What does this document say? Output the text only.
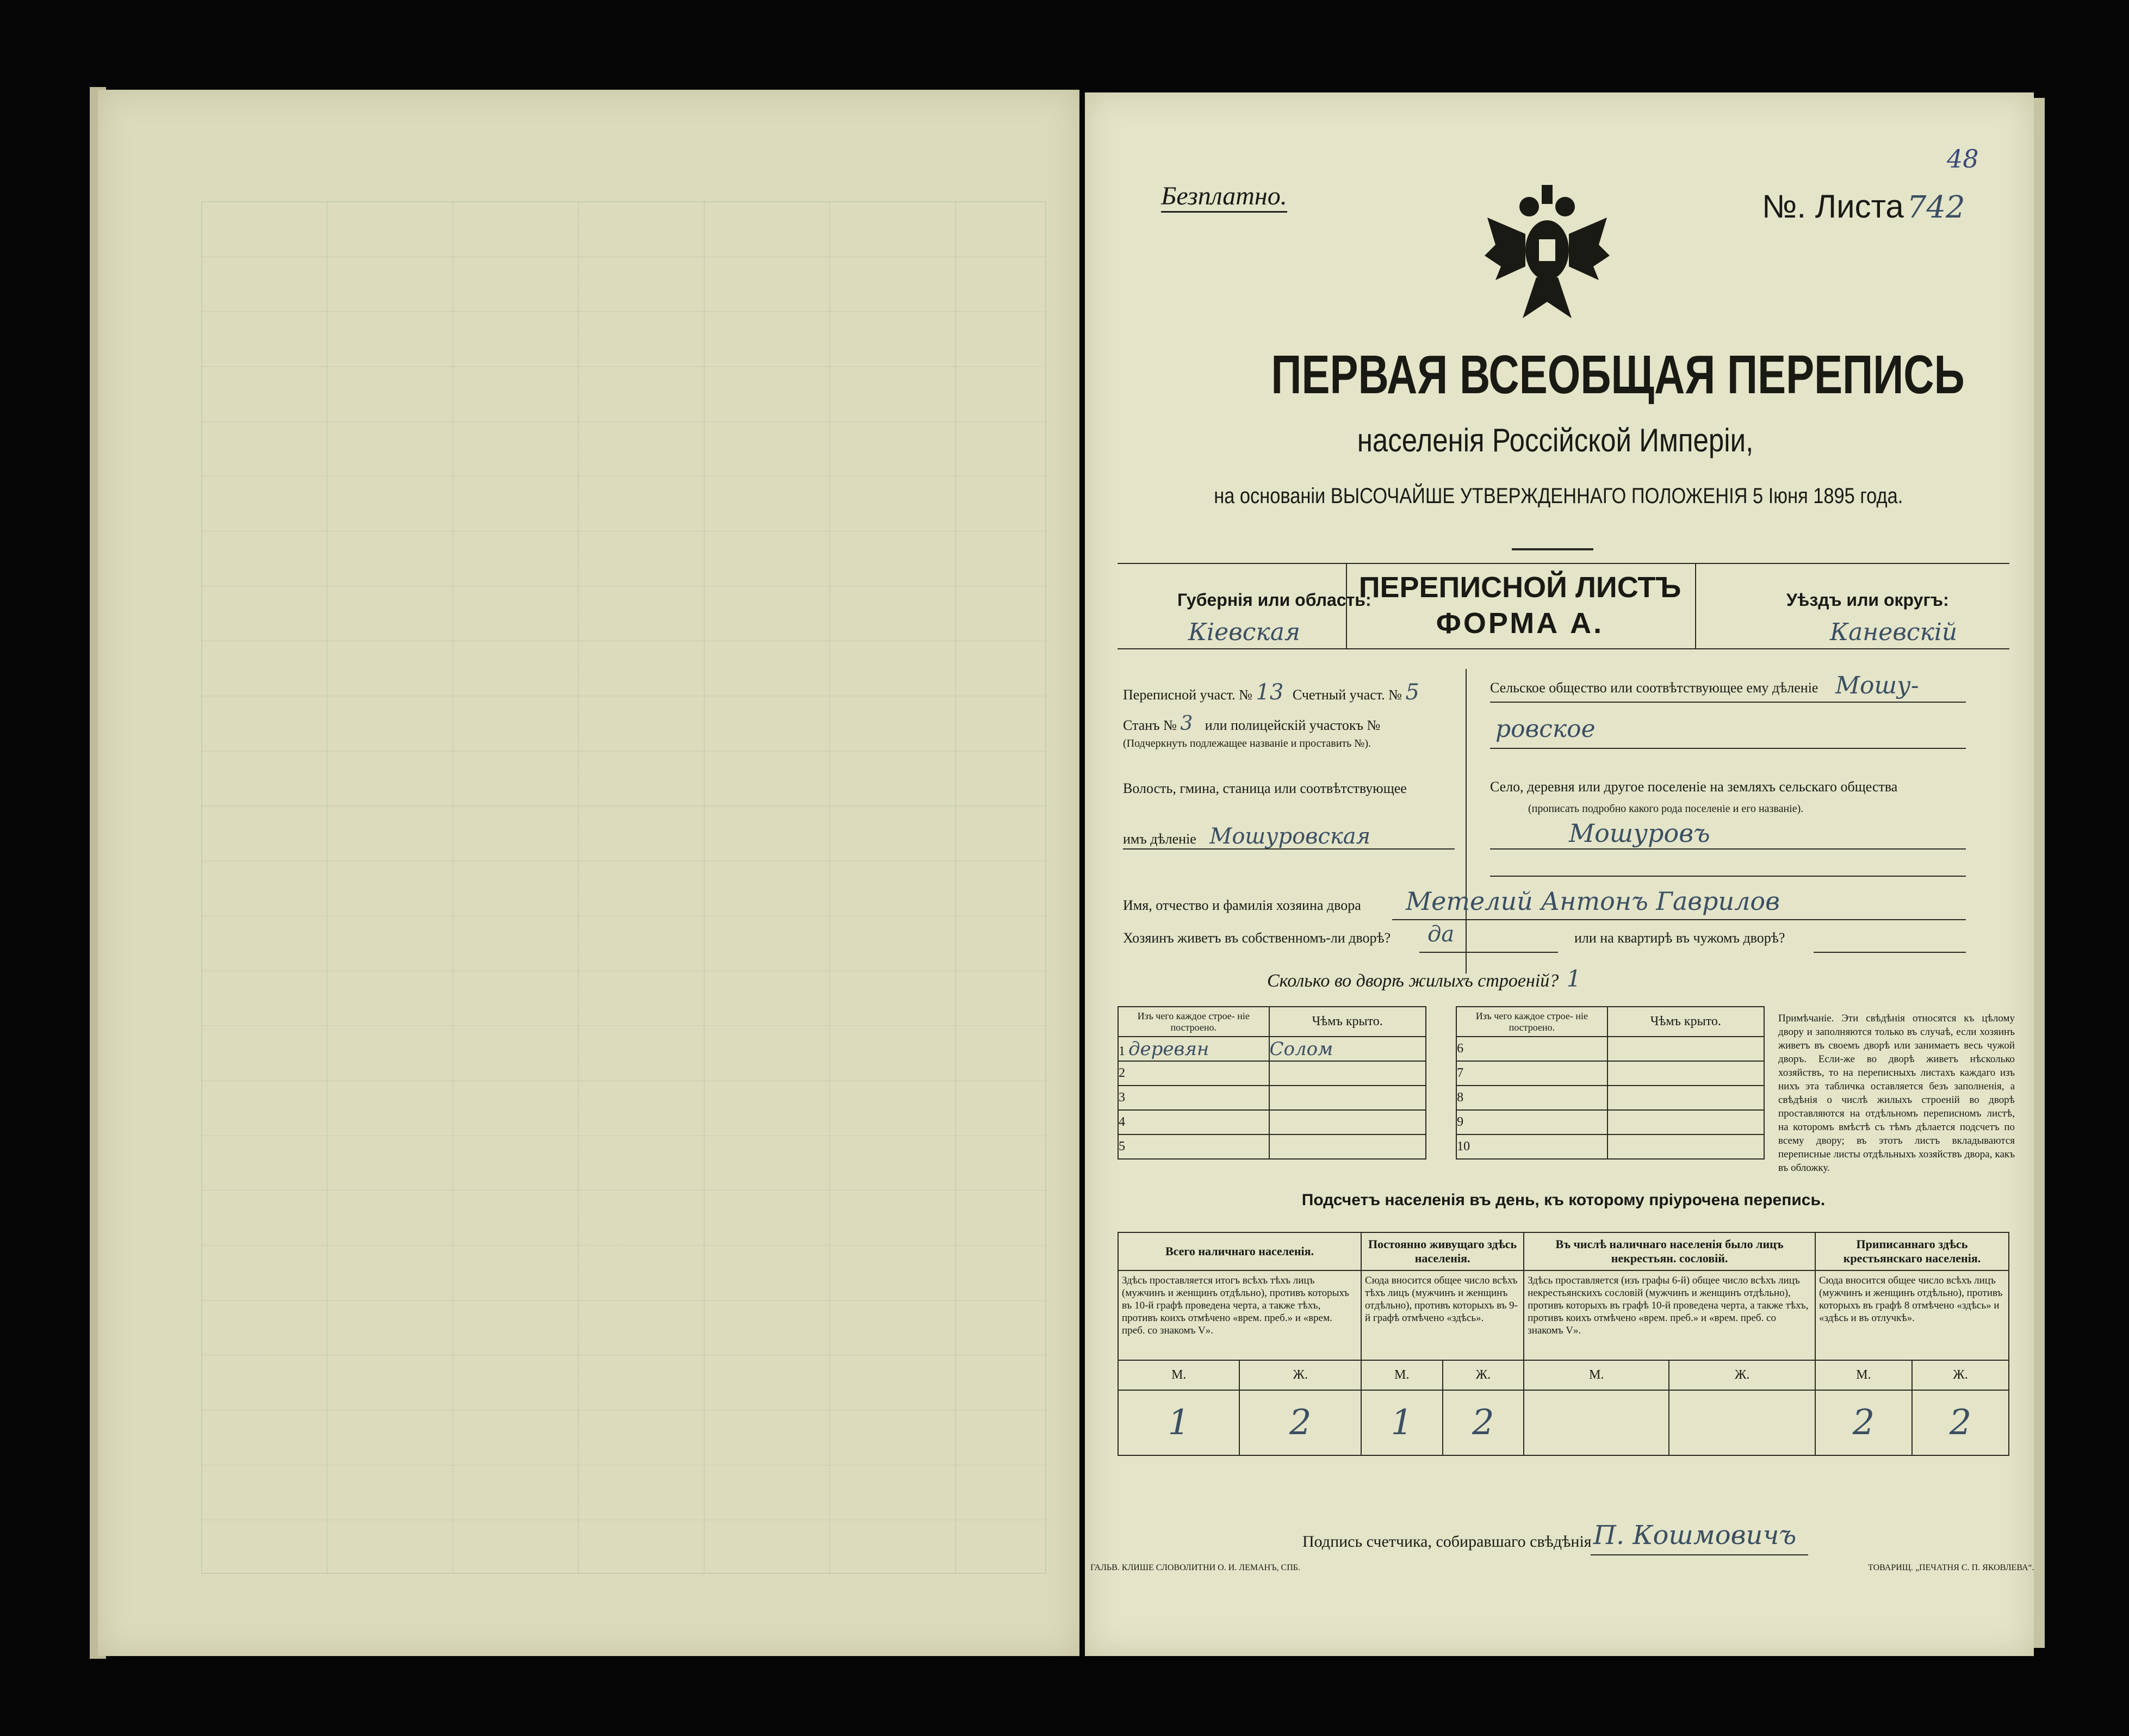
Безплатно.	№. Листа 742
48
ПЕРВАЯ ВСЕОБЩАЯ ПЕРЕПИСЬ
населенія Россійской Имперіи,
на основаніи ВЫСОЧАЙШЕ УТВЕРЖДЕННАГО ПОЛОЖЕНІЯ 5 Іюня 1895 года.
Губернія или область:
Кіевская
ПЕРЕПИСНОЙ ЛИСТЪ
ФОРМА А.
Уѣздъ или округъ:
Каневскій
Переписной участ. № 13 Счетный участ. № 5
Станъ № 3 или полицейскій участокъ №
(Подчеркнуть подлежащее названіе и проставить №).
Волость, гмина, станица или соотвѣтствующее
имъ дѣленіе Мошуровская
Сельское общество или соотвѣтствующее ему дѣленіе Мошу-
ровское
Село, деревня или другое поселеніе на земляхъ сельскаго общества
(прописать подробно какого рода поселеніе и его названіе).
Мошуровъ
Имя, отчество и фамилія хозяина двора Метелий Антонъ Гаврилов
Хозяинъ живетъ въ собственномъ-ли дворѣ? да	или на квартирѣ въ чужомъ дворѣ?
Сколько во дворѣ жилыхъ строеній? 1
Изъ чего каждое строе- ніе построено.	Чѣмъ крыто.		Изъ чего каждое строе- ніе построено.	Чѣмъ крыто.
1 деревян	Солом		6	
2			7	
3			8	
4			9	
5			10	
Примѣчаніе. Эти свѣдѣнія относятся къ цѣлому двору и заполняются только въ случаѣ, если хозяинъ живетъ въ своемъ дворѣ или занимаетъ весь чужой дворъ. Если-же во дворѣ живетъ нѣсколько хозяйствъ, то на переписныхъ листахъ каждаго изъ нихъ эта табличка оставляется безъ заполненія, а свѣдѣнія о числѣ жилыхъ строеній во дворѣ проставляются на отдѣльномъ переписномъ листѣ, на которомъ вмѣстѣ съ тѣмъ дѣлается подсчетъ по всему двору; въ этотъ листъ вкладываются переписные листы отдѣльныхъ хозяйствъ двора, какъ въ обложку.
Подсчетъ населенія въ день, къ которому пріурочена перепись.
Всего наличнаго населенія.		Постоянно живущаго здѣсь населенія.		Въ числѣ наличнаго населенія было лицъ некрестьян. сословій.		Приписаннаго здѣсь крестьянскаго населенія.	
Здѣсь проставляется итогъ всѣхъ тѣхъ лицъ (мужчинъ и женщинъ отдѣльно), противъ которыхъ въ 10-й графѣ проведена черта, а также тѣхъ, противъ коихъ отмѣчено «врем. преб.» и «врем. преб. со знакомъ V».		Сюда вносится общее число всѣхъ тѣхъ лицъ (мужчинъ и женщинъ отдѣльно), противъ которыхъ въ 9-й графѣ отмѣчено «здѣсь».		Здѣсь проставляется (изъ графы 6-й) общее число всѣхъ лицъ некрестьянскихъ сословій (мужчинъ и женщинъ отдѣльно), противъ которыхъ въ графѣ 10-й проведена черта, а также тѣхъ, противъ коихъ отмѣчено «врем. преб.» и «врем. преб. со знакомъ V».		Сюда вносится общее число всѣхъ лицъ (мужчинъ и женщинъ отдѣльно), противъ которыхъ въ графѣ 8 отмѣчено «здѣсь» и «здѣсь и въ отлучкѣ».	
М.	Ж.	М.	Ж.	М.	Ж.	М.	Ж.
1	2	1	2			2	2
Подпись счетчика, собиравшаго свѣдѣнія П. Кошмовичъ
ГАЛЬВ. КЛИШЕ СЛОВОЛИТНИ О. И. ЛЕМАНЪ, СПБ.	ТОВАРИЩ. „ПЕЧАТНЯ С. П. ЯКОВЛЕВА“.
